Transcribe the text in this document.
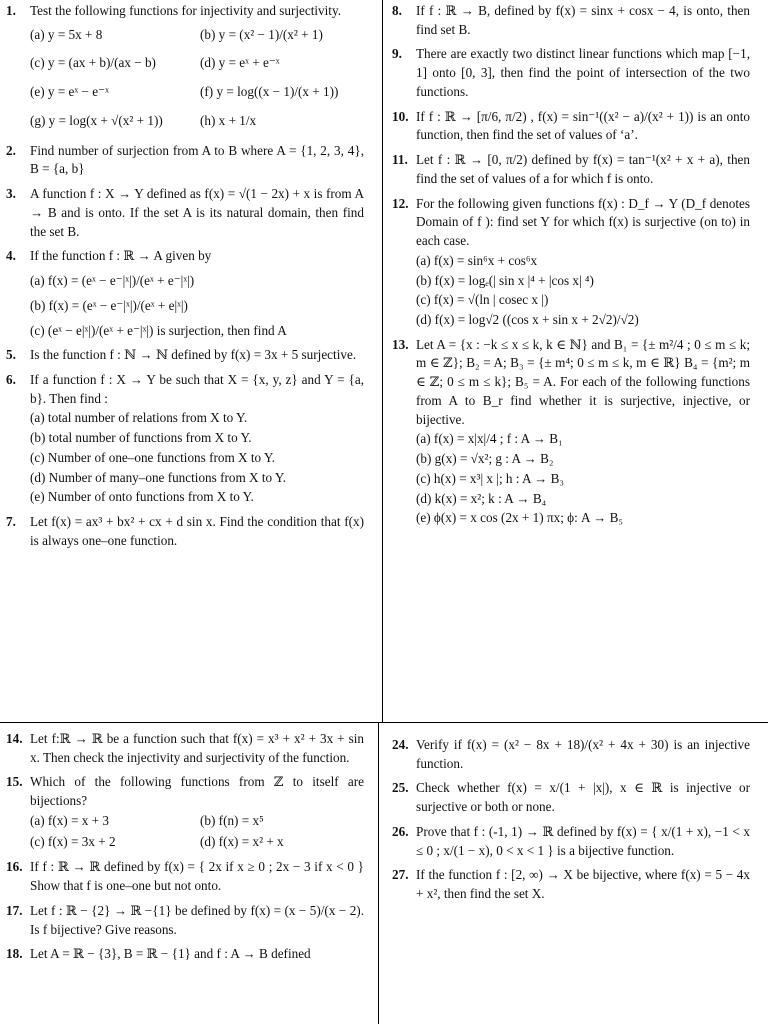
1. Test the following functions for injectivity and surjectivity.
(a) y = 5x + 8	(b) y = (x² − 1)/(x² + 1)
(c) y = (ax + b)/(ax − b)	(d) y = eˣ + e⁻ˣ
(e) y = eˣ − e⁻ˣ	(f) y = log((x − 1)/(x + 1))
(g) y = log(x + √(x² + 1))	(h) x + 1/x
2. Find number of surjection from A to B where A = {1, 2, 3, 4}, B = {a, b}
3. A function f : X → Y defined as f(x) = √(1 − 2x) + x is from A → B and is onto. If the set A is its natural domain, then find the set B.
4. If the function f : ℝ → A given by
(a) f(x) = (eˣ − e⁻|ˣ|)/(eˣ + e⁻|ˣ|)
(b) f(x) = (eˣ − e⁻|ˣ|)/(eˣ + e|ˣ|)
(c) (eˣ − e|ˣ|)/(eˣ + e⁻|ˣ|) is surjection, then find A
5. Is the function f : ℕ → ℕ defined by f(x) = 3x + 5 surjective.
6. If a function f : X → Y be such that X = {x, y, z} and Y = {a, b}. Then find :
(a) total number of relations from X to Y.
(b) total number of functions from X to Y.
(c) Number of one–one functions from X to Y.
(d) Number of many–one functions from X to Y.
(e) Number of onto functions from X to Y.
7. Let f(x) = ax³ + bx² + cx + d sin x. Find the condition that f(x) is always one–one function.
8. If f : ℝ → B, defined by f(x) = sinx + cosx − 4, is onto, then find set B.
9. There are exactly two distinct linear functions which map [−1, 1] onto [0, 3], then find the point of intersection of the two functions.
10. If f : ℝ → [π/6, π/2) , f(x) = sin⁻¹((x² − a)/(x² + 1)) is an onto function, then find the set of values of ‘a’.
11. Let f : ℝ → [0, π/2) defined by f(x) = tan⁻¹(x² + x + a), then find the set of values of a for which f is onto.
12. For the following given functions f(x) : D_f → Y (D_f denotes Domain of f ): find set Y for which f(x) is surjective (on to) in each case.
(a) f(x) = sin⁶x + cos⁶x
(b) f(x) = logₑ(| sin x |⁴ + |cos x| ⁴)
(c) f(x) = √(ln | cosec x |)
(d) f(x) = log√2 ((cos x + sin x + 2√2)/√2)
13. Let A = {x : −k ≤ x ≤ k, k ∈ ℕ} and B₁ = {± m²/4 ; 0 ≤ m ≤ k; m ∈ ℤ}; B₂ = A; B₃ = {± m⁴; 0 ≤ m ≤ k, m ∈ ℝ} B₄ = {m²; m ∈ ℤ; 0 ≤ m ≤ k}; B₅ = A. For each of the following functions from A to B_r find whether it is surjective, injective, or bijective.
(a) f(x) = x|x|/4 ; f : A → B₁
(b) g(x) = √x²; g : A → B₂
(c) h(x) = x³| x |; h : A → B₃
(d) k(x) = x²; k : A → B₄
(e) ϕ(x) = x cos (2x + 1) πx; ϕ: A → B₅
14. Let f:ℝ → ℝ be a function such that f(x) = x³ + x² + 3x + sin x. Then check the injectivity and surjectivity of the function.
15. Which of the following functions from ℤ to itself are bijections?
(a) f(x) = x + 3	(b) f(n) = x⁵
(c) f(x) = 3x + 2	(d) f(x) = x² + x
16. If f : ℝ → ℝ defined by f(x) = { 2x if x ≥ 0 ; 2x − 3 if x < 0 } Show that f is one–one but not onto.
17. Let f : ℝ − {2} → ℝ −{1} be defined by f(x) = (x − 5)/(x − 2). Is f bijective? Give reasons.
18. Let A = ℝ − {3}, B = ℝ − {1} and f : A → B defined
24. Verify if f(x) = (x² − 8x + 18)/(x² + 4x + 30) is an injective function.
25. Check whether f(x) = x/(1 + |x|), x ∈ ℝ is injective or surjective or both or none.
26. Prove that f : (-1, 1) → ℝ defined by f(x) = { x/(1 + x), −1 < x ≤ 0 ; x/(1 − x), 0 < x < 1 } is a bijective function.
27. If the function f : [2, ∞) → X be bijective, where f(x) = 5 − 4x + x², then find the set X.
